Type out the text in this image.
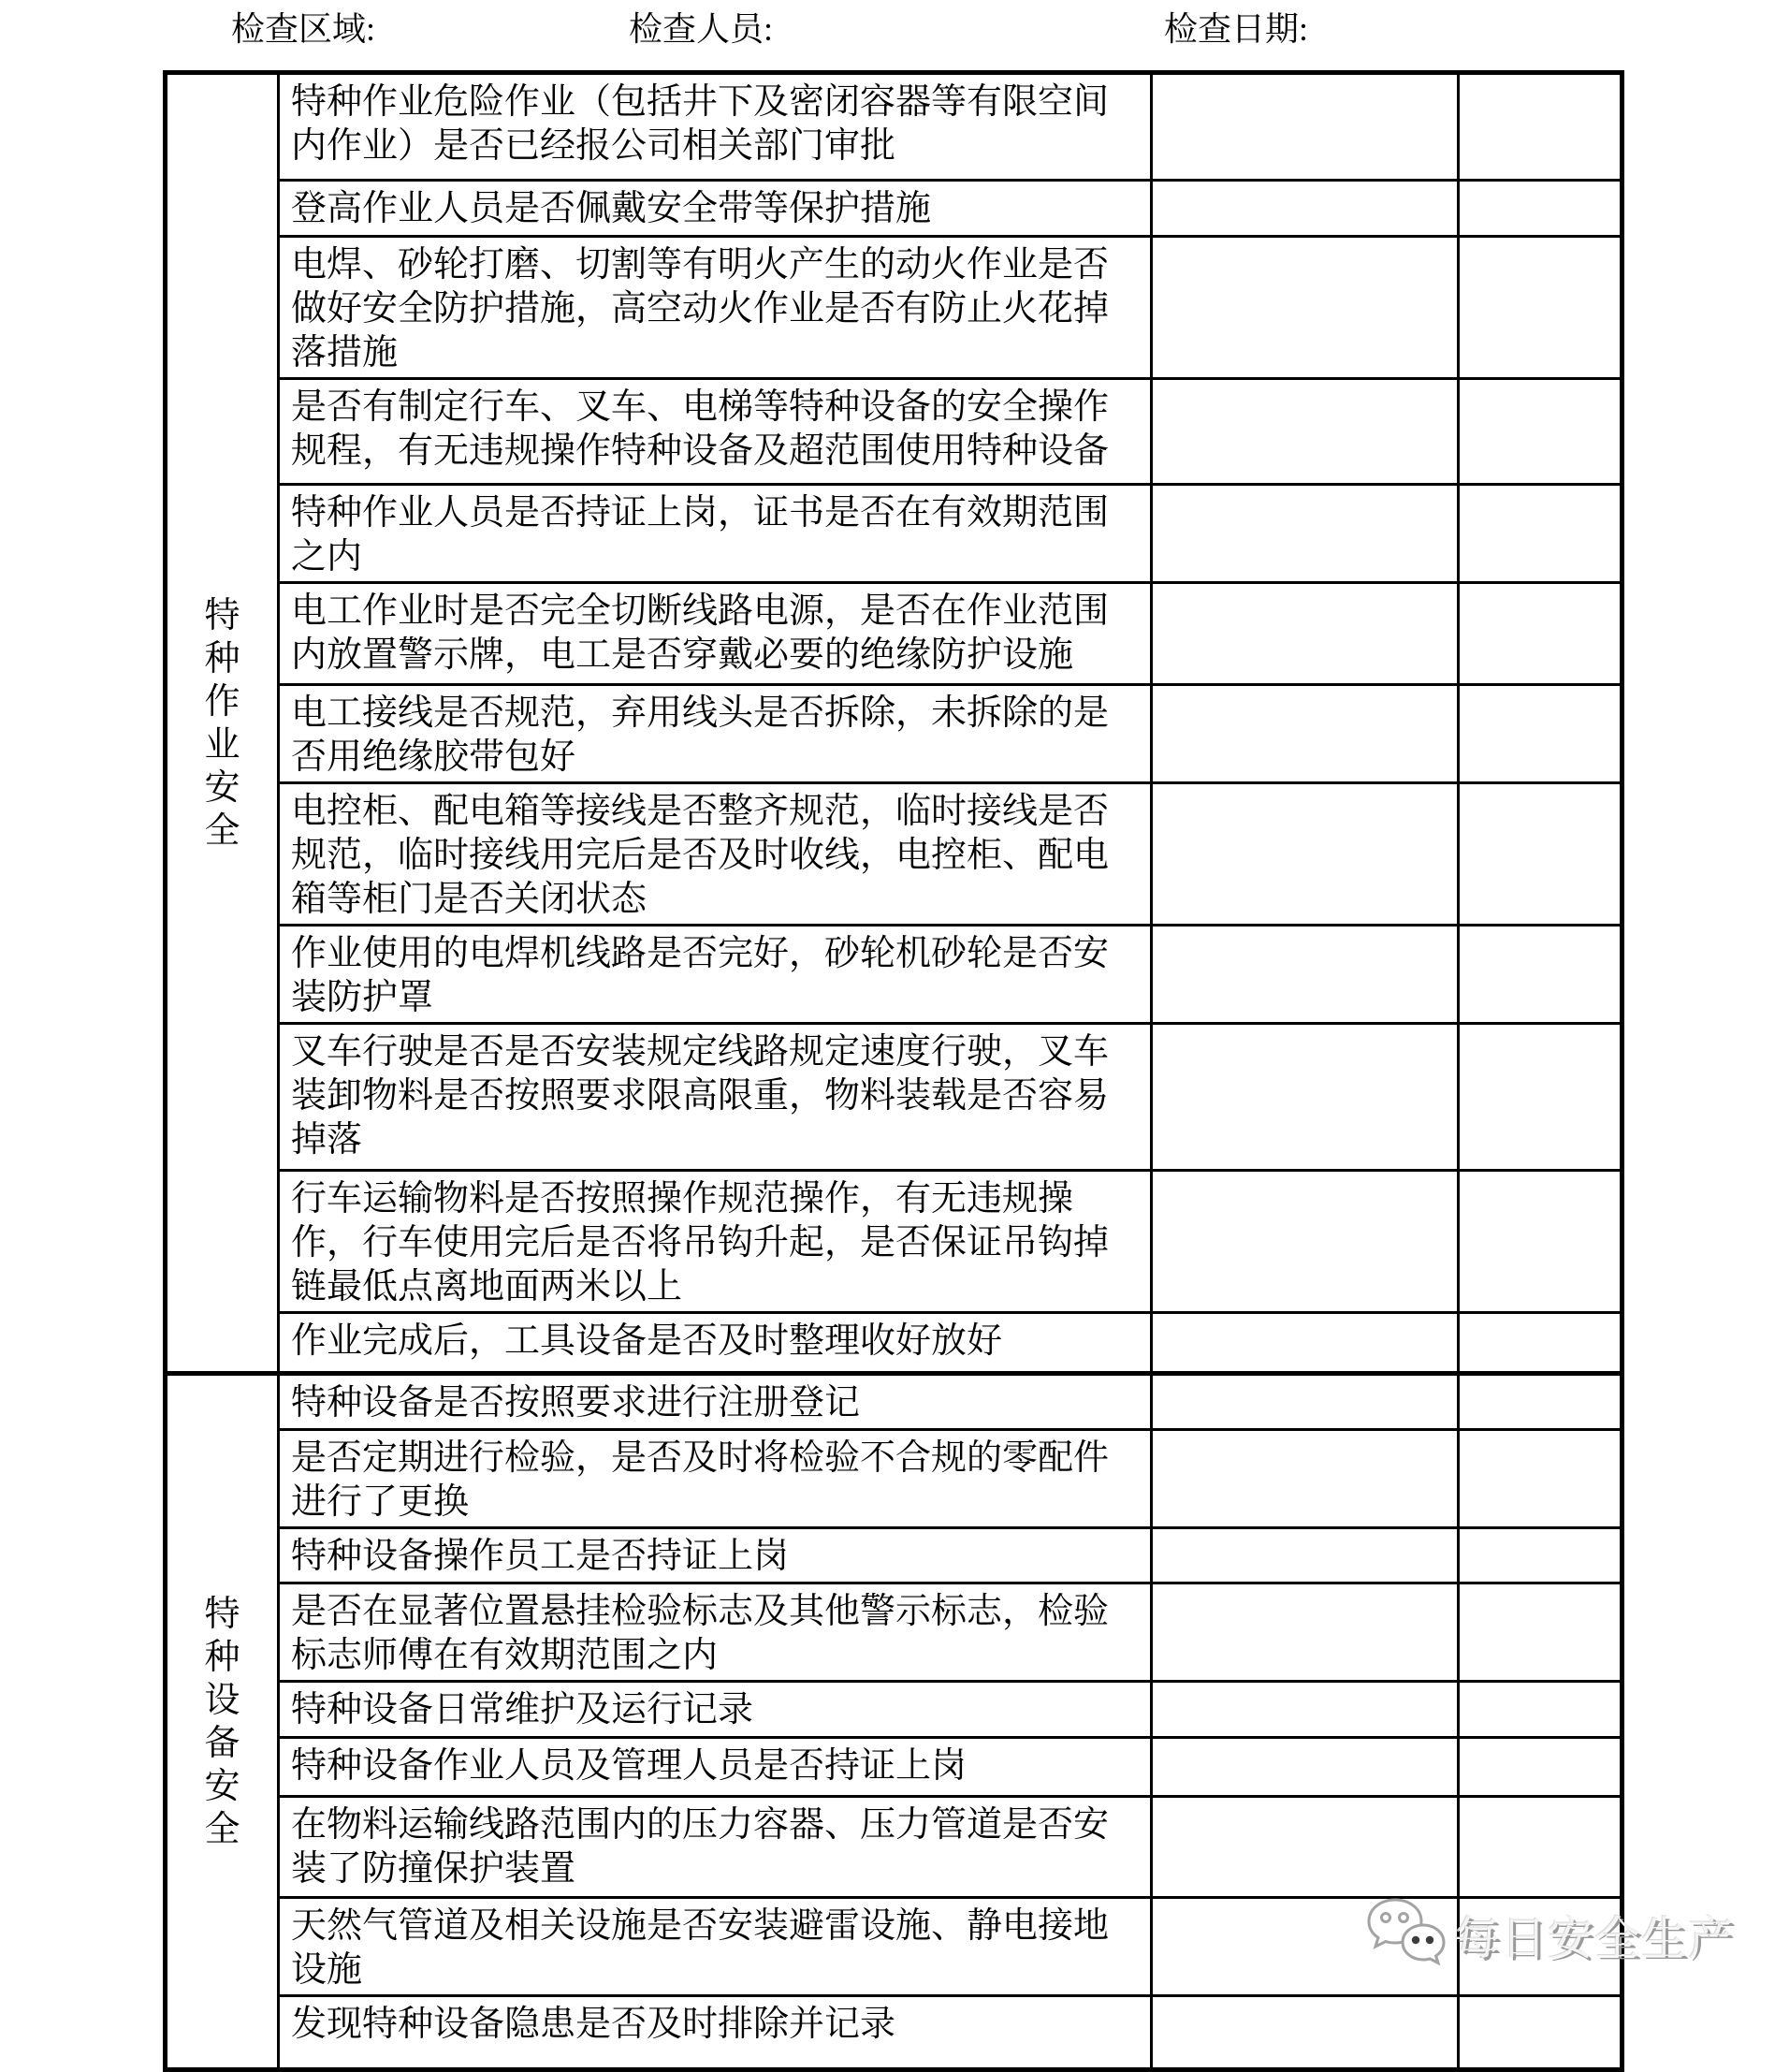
检查区域:	检查人员:	检查日期:
特种作业安全	特种作业危险作业（包括井下及密闭容器等有限空间内作业）是否已经报公司相关部门审批		
	登高作业人员是否佩戴安全带等保护措施		
	电焊、砂轮打磨、切割等有明火产生的动火作业是否做好安全防护措施，高空动火作业是否有防止火花掉落措施		
	是否有制定行车、叉车、电梯等特种设备的安全操作规程，有无违规操作特种设备及超范围使用特种设备		
	特种作业人员是否持证上岗，证书是否在有效期范围之内		
	电工作业时是否完全切断线路电源，是否在作业范围内放置警示牌，电工是否穿戴必要的绝缘防护设施		
	电工接线是否规范，弃用线头是否拆除，未拆除的是否用绝缘胶带包好		
	电控柜、配电箱等接线是否整齐规范，临时接线是否规范，临时接线用完后是否及时收线，电控柜、配电箱等柜门是否关闭状态		
	作业使用的电焊机线路是否完好，砂轮机砂轮是否安装防护罩		
	叉车行驶是否是否安装规定线路规定速度行驶，叉车装卸物料是否按照要求限高限重，物料装载是否容易掉落		
	行车运输物料是否按照操作规范操作，有无违规操作，行车使用完后是否将吊钩升起，是否保证吊钩掉链最低点离地面两米以上		
	作业完成后，工具设备是否及时整理收好放好		

特种设备安全	特种设备是否按照要求进行注册登记		
	是否定期进行检验，是否及时将检验不合规的零配件进行了更换		
	特种设备操作员工是否持证上岗		
	是否在显著位置悬挂检验标志及其他警示标志，检验标志师傅在有效期范围之内		
	特种设备日常维护及运行记录		
	特种设备作业人员及管理人员是否持证上岗		
	在物料运输线路范围内的压力容器、压力管道是否安装了防撞保护装置		
	天然气管道及相关设施是否安装避雷设施、静电接地设施		
	发现特种设备隐患是否及时排除并记录		
每日安全生产
